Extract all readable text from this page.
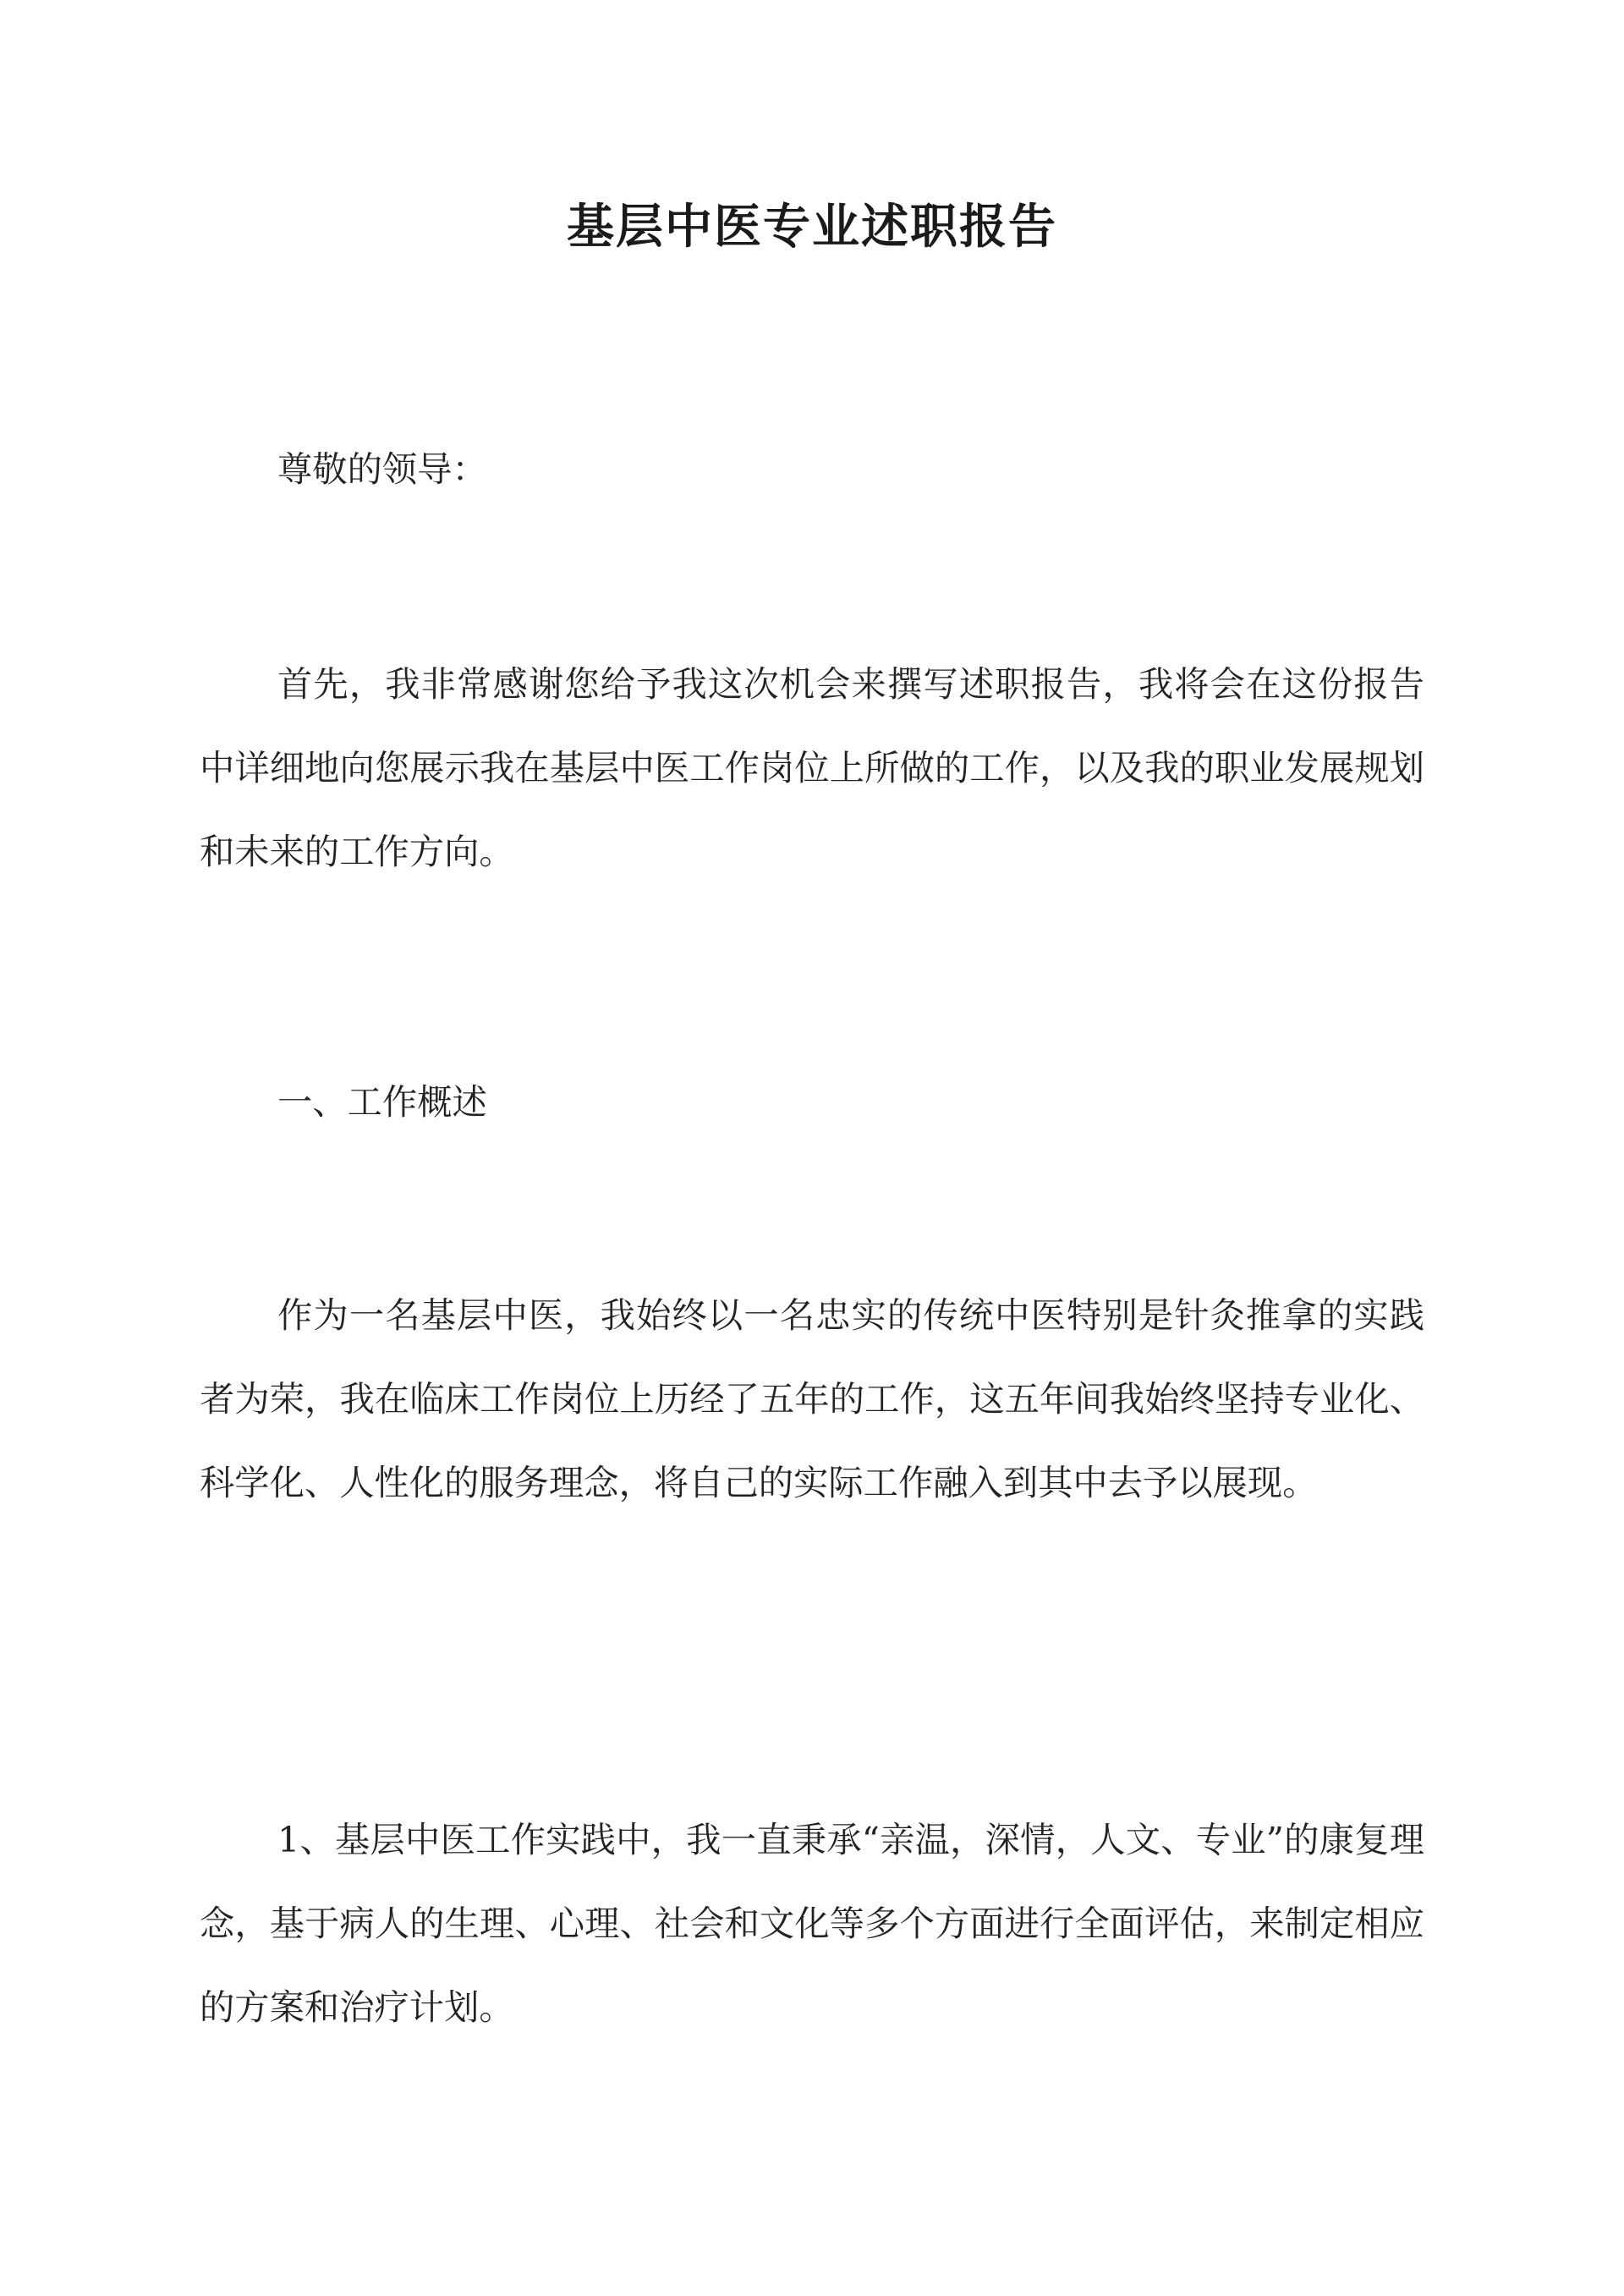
基层中医专业述职报告

尊敬的领导：

首先，我非常感谢您给予我这次机会来撰写述职报告，我将会在这份报告中详细地向您展示我在基层中医工作岗位上所做的工作，以及我的职业发展规划和未来的工作方向。

一、工作概述

作为一名基层中医，我始终以一名忠实的传统中医特别是针灸推拿的实践者为荣，我在临床工作岗位上历经了五年的工作，这五年间我始终坚持专业化、科学化、人性化的服务理念，将自己的实际工作融入到其中去予以展现。

1、基层中医工作实践中，我一直秉承“亲温，深情，人文、专业”的康复理念，基于病人的生理、心理、社会和文化等多个方面进行全面评估，来制定相应的方案和治疗计划。
